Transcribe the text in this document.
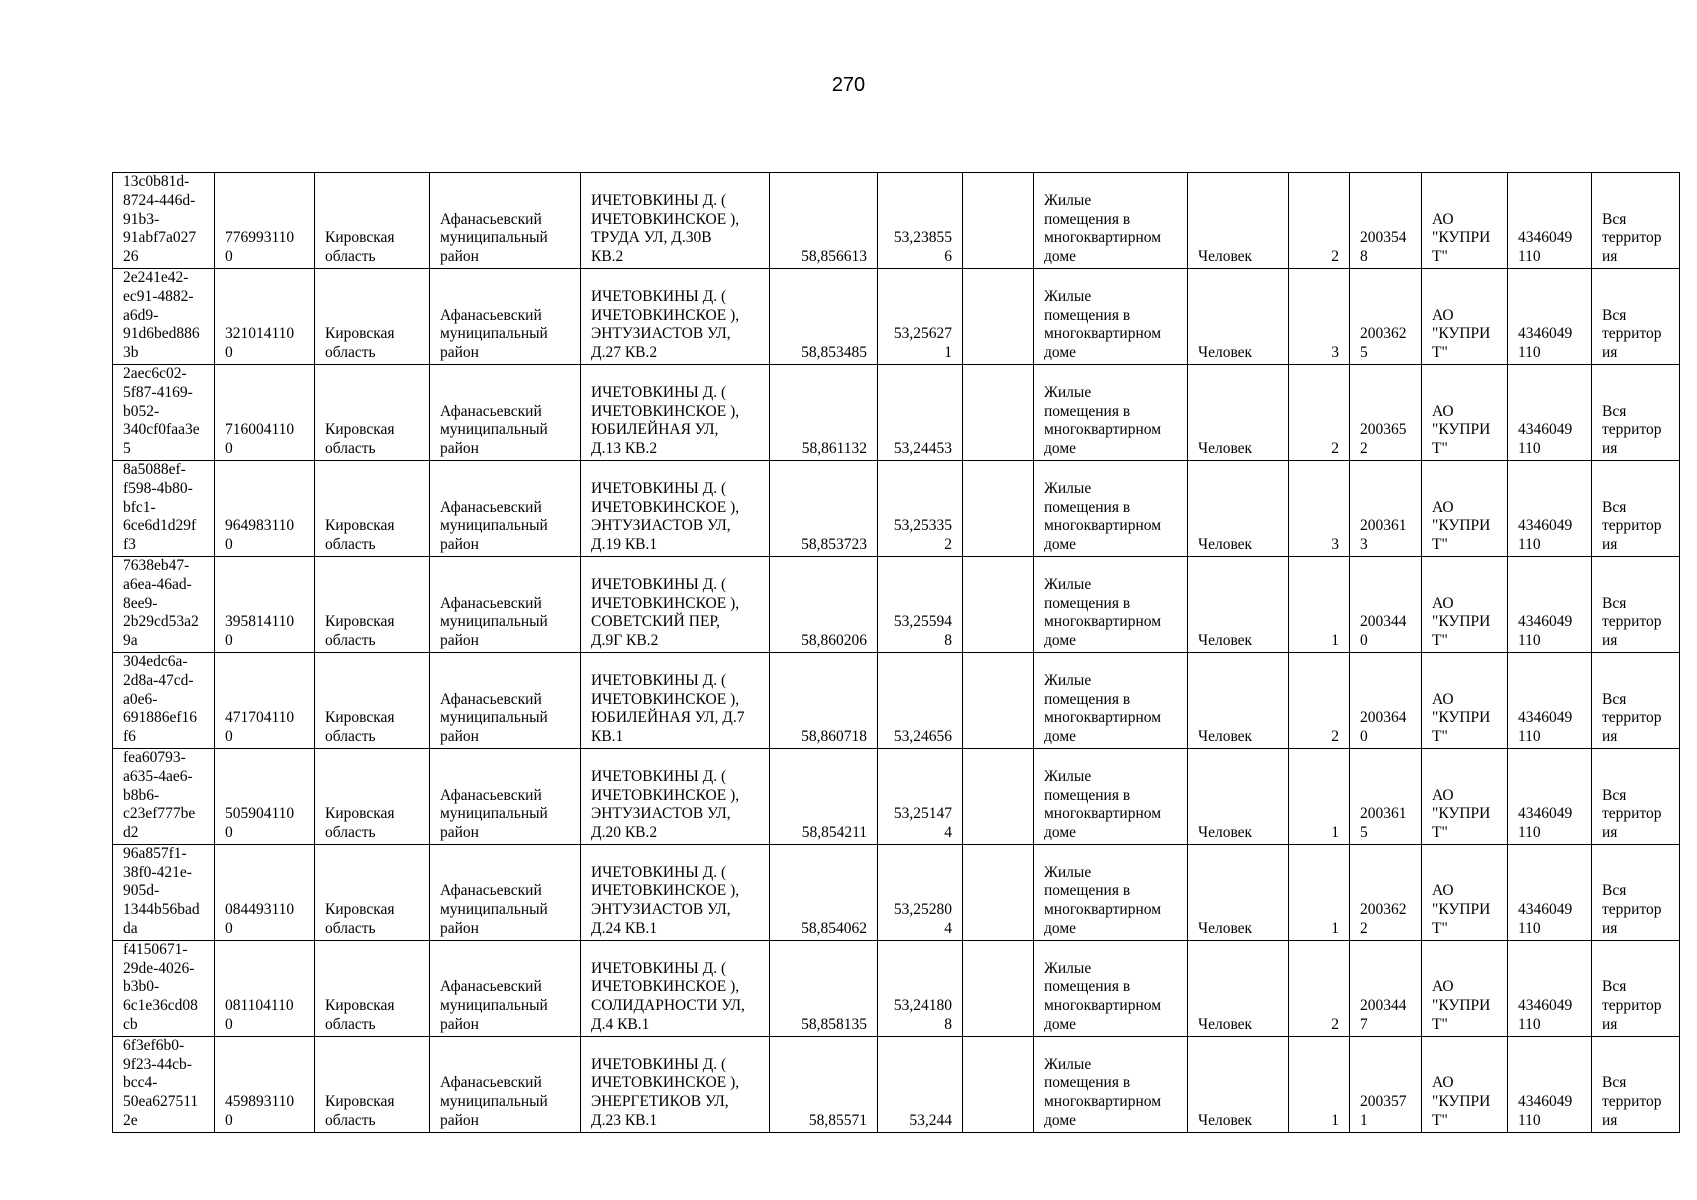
270
13c0b81d-
8724-446d-
91b3-
91abf7a027
26	776993110
0	Кировская
область	Афанасьевский
муниципальный
район	ИЧЕТОВКИНЫ Д. (
ИЧЕТОВКИНСКОЕ ),
ТРУДА УЛ, Д.30В
КВ.2	58,856613	53,23855
6		Жилые
помещения в
многоквартирном
доме	Человек	2	200354
8	АО
"КУПРИ
Т"	4346049
110	Вся
территор
ия
2e241e42-
ec91-4882-
a6d9-
91d6bed886
3b	321014110
0	Кировская
область	Афанасьевский
муниципальный
район	ИЧЕТОВКИНЫ Д. (
ИЧЕТОВКИНСКОЕ ),
ЭНТУЗИАСТОВ УЛ,
Д.27 КВ.2	58,853485	53,25627
1		Жилые
помещения в
многоквартирном
доме	Человек	3	200362
5	АО
"КУПРИ
Т"	4346049
110	Вся
территор
ия
2aec6c02-
5f87-4169-
b052-
340cf0faa3e
5	716004110
0	Кировская
область	Афанасьевский
муниципальный
район	ИЧЕТОВКИНЫ Д. (
ИЧЕТОВКИНСКОЕ ),
ЮБИЛЕЙНАЯ УЛ,
Д.13 КВ.2	58,861132	53,24453		Жилые
помещения в
многоквартирном
доме	Человек	2	200365
2	АО
"КУПРИ
Т"	4346049
110	Вся
территор
ия
8a5088ef-
f598-4b80-
bfc1-
6ce6d1d29f
f3	964983110
0	Кировская
область	Афанасьевский
муниципальный
район	ИЧЕТОВКИНЫ Д. (
ИЧЕТОВКИНСКОЕ ),
ЭНТУЗИАСТОВ УЛ,
Д.19 КВ.1	58,853723	53,25335
2		Жилые
помещения в
многоквартирном
доме	Человек	3	200361
3	АО
"КУПРИ
Т"	4346049
110	Вся
территор
ия
7638eb47-
a6ea-46ad-
8ee9-
2b29cd53a2
9a	395814110
0	Кировская
область	Афанасьевский
муниципальный
район	ИЧЕТОВКИНЫ Д. (
ИЧЕТОВКИНСКОЕ ),
СОВЕТСКИЙ ПЕР,
Д.9Г КВ.2	58,860206	53,25594
8		Жилые
помещения в
многоквартирном
доме	Человек	1	200344
0	АО
"КУПРИ
Т"	4346049
110	Вся
территор
ия
304edc6a-
2d8a-47cd-
a0e6-
691886ef16
f6	471704110
0	Кировская
область	Афанасьевский
муниципальный
район	ИЧЕТОВКИНЫ Д. (
ИЧЕТОВКИНСКОЕ ),
ЮБИЛЕЙНАЯ УЛ, Д.7
КВ.1	58,860718	53,24656		Жилые
помещения в
многоквартирном
доме	Человек	2	200364
0	АО
"КУПРИ
Т"	4346049
110	Вся
территор
ия
fea60793-
a635-4ae6-
b8b6-
c23ef777be
d2	505904110
0	Кировская
область	Афанасьевский
муниципальный
район	ИЧЕТОВКИНЫ Д. (
ИЧЕТОВКИНСКОЕ ),
ЭНТУЗИАСТОВ УЛ,
Д.20 КВ.2	58,854211	53,25147
4		Жилые
помещения в
многоквартирном
доме	Человек	1	200361
5	АО
"КУПРИ
Т"	4346049
110	Вся
территор
ия
96a857f1-
38f0-421e-
905d-
1344b56bad
da	084493110
0	Кировская
область	Афанасьевский
муниципальный
район	ИЧЕТОВКИНЫ Д. (
ИЧЕТОВКИНСКОЕ ),
ЭНТУЗИАСТОВ УЛ,
Д.24 КВ.1	58,854062	53,25280
4		Жилые
помещения в
многоквартирном
доме	Человек	1	200362
2	АО
"КУПРИ
Т"	4346049
110	Вся
территор
ия
f4150671-
29de-4026-
b3b0-
6c1e36cd08
cb	081104110
0	Кировская
область	Афанасьевский
муниципальный
район	ИЧЕТОВКИНЫ Д. (
ИЧЕТОВКИНСКОЕ ),
СОЛИДАРНОСТИ УЛ,
Д.4 КВ.1	58,858135	53,24180
8		Жилые
помещения в
многоквартирном
доме	Человек	2	200344
7	АО
"КУПРИ
Т"	4346049
110	Вся
территор
ия
6f3ef6b0-
9f23-44cb-
bcc4-
50ea627511
2e	459893110
0	Кировская
область	Афанасьевский
муниципальный
район	ИЧЕТОВКИНЫ Д. (
ИЧЕТОВКИНСКОЕ ),
ЭНЕРГЕТИКОВ УЛ,
Д.23 КВ.1	58,85571	53,244		Жилые
помещения в
многоквартирном
доме	Человек	1	200357
1	АО
"КУПРИ
Т"	4346049
110	Вся
территор
ия
